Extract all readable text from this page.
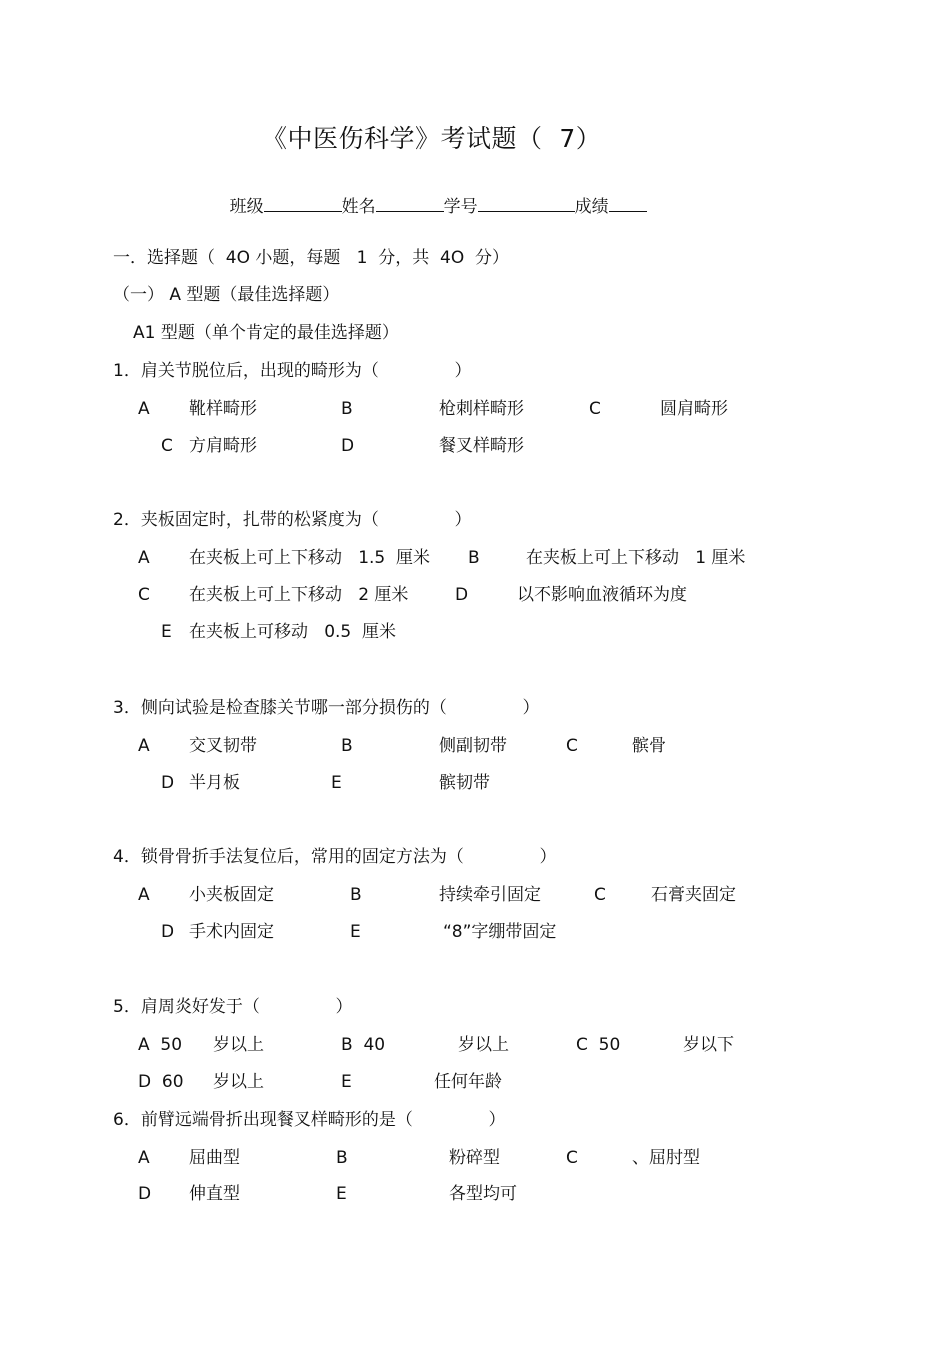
《中医伤科学》考试题（  7）

班级	姓名	学号	成绩

一．选择题（  4O 小题，每题   1  分，共  4O  分）
（一） A 型题（最佳选择题）
A1 型题（单个肯定的最佳选择题）
1．肩关节脱位后，出现的畸形为（              ）
A 靴样畸形	B	枪刺样畸形	C	圆肩畸形
C 方肩畸形	D	餐叉样畸形
2．夹板固定时，扎带的松紧度为（              ）
A 在夹板上可上下移动   1.5  厘米 B	在夹板上可上下移动   1 厘米
C 在夹板上可上下移动   2 厘米	D	以不影响血液循环为度
E 在夹板上可移动   0.5  厘米
3．侧向试验是检查膝关节哪一部分损伤的（              ）
A 交叉韧带	B	侧副韧带	C	髌骨
D 半月板	E	髌韧带
4．锁骨骨折手法复位后，常用的固定方法为（              ）
A 小夹板固定	B	持续牵引固定	C	石膏夹固定
D 手术内固定	E	“8”字绷带固定
5．肩周炎好发于（              ）
A  50 岁以上	B  40	岁以上	C  50	岁以下
D  60 岁以上	E	任何年龄
6．前臂远端骨折出现餐叉样畸形的是（              ）
A 屈曲型	B	粉碎型	C	、屈肘型
D 伸直型	E	各型均可
